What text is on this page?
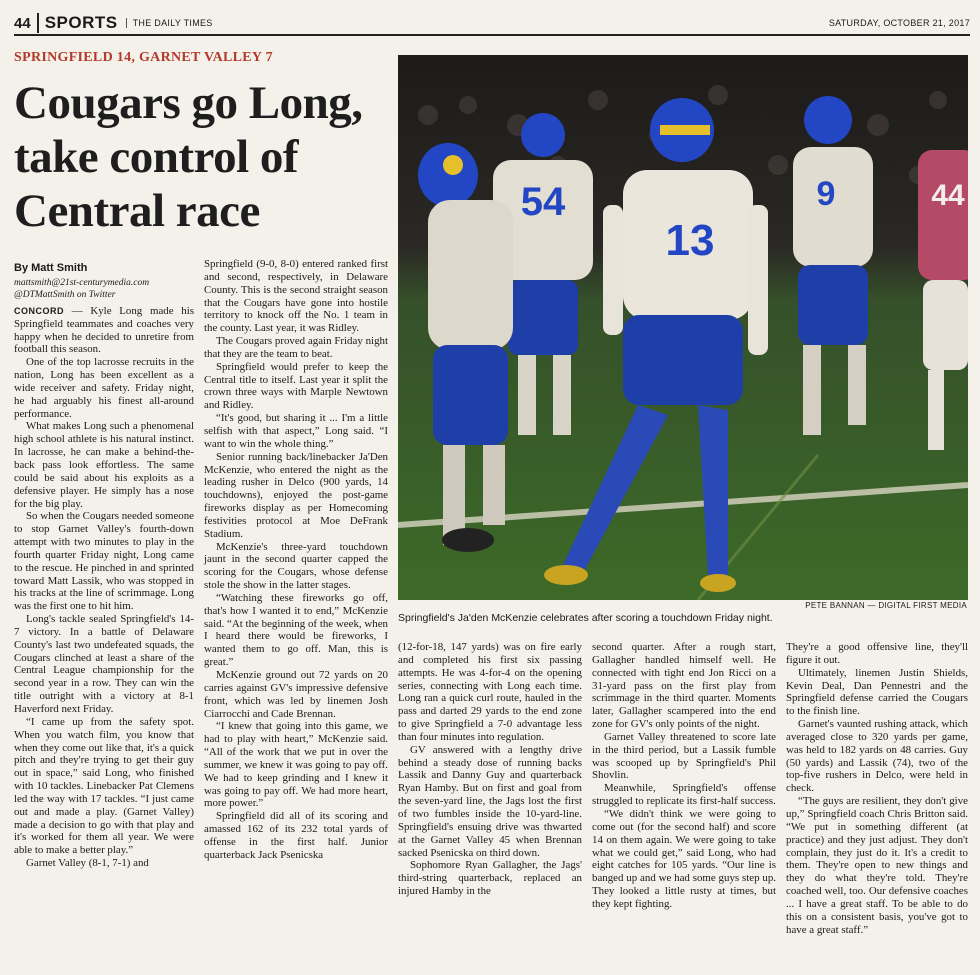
44 SPORTS	THE DAILY TIMES	SATURDAY, OCTOBER 21, 2017
SPRINGFIELD 14, GARNET VALLEY 7
Cougars go Long, take control of Central race	54
13
9	44
PETE BANNAN — DIGITAL FIRST MEDIA
Springfield's Ja'den McKenzie celebrates after scoring a touchdown Friday night.
By Matt Smith
mattsmith@21st-centurymedia.com
@DTMattSmith on Twitter

CONCORD — Kyle Long made his Springfield teammates and coaches very happy when he decided to unretire from football this season.

One of the top lacrosse recruits in the nation, Long has been excellent as a wide receiver and safety. Friday night, he had arguably his finest all-around performance.

What makes Long such a phenomenal high school athlete is his natural instinct. In lacrosse, he can make a behind-the-back pass look effortless. The same could be said about his exploits as a defensive player. He simply has a nose for the big play.

So when the Cougars needed someone to stop Garnet Valley's fourth-down attempt with two minutes to play in the fourth quarter Friday night, Long came to the rescue. He pinched in and sprinted toward Matt Lassik, who was stopped in his tracks at the line of scrimmage. Long was the first one to hit him.

Long's tackle sealed Springfield's 14-7 victory. In a battle of Delaware County's last two undefeated squads, the Cougars clinched at least a share of the Central League championship for the second year in a row. They can win the title outright with a victory at 8-1 Haverford next Friday.

“I came up from the safety spot. When you watch film, you know that when they come out like that, it's a quick pitch and they're trying to get their guy out in space,” said Long, who finished with 10 tackles. Linebacker Pat Clemens led the way with 17 tackles. “I just came out and made a play. (Garnet Valley) made a decision to go with that play and it's worked for them all year. We were able to make a better play.”

Garnet Valley (8-1, 7-1) and

Springfield (9-0, 8-0) entered ranked first and second, respectively, in Delaware County. This is the second straight season that the Cougars have gone into hostile territory to knock off the No. 1 team in the county. Last year, it was Ridley.

The Cougars proved again Friday night that they are the team to beat.

Springfield would prefer to keep the Central title to itself. Last year it split the crown three ways with Marple Newtown and Ridley.

“It's good, but sharing it ... I'm a little selfish with that aspect,” Long said. “I want to win the whole thing.”

Senior running back/linebacker Ja'Den McKenzie, who entered the night as the leading rusher in Delco (900 yards, 14 touchdowns), enjoyed the post-game fireworks display as per Homecoming festivities protocol at Moe DeFrank Stadium.

McKenzie's three-yard touchdown jaunt in the second quarter capped the scoring for the Cougars, whose defense stole the show in the latter stages.

“Watching these fireworks go off, that's how I wanted it to end,” McKenzie said. “At the beginning of the week, when I heard there would be fireworks, I wanted them to go off. Man, this is great.”

McKenzie ground out 72 yards on 20 carries against GV's impressive defensive front, which was led by linemen Josh Ciarrocchi and Cade Brennan.

“I knew that going into this game, we had to play with heart,” McKenzie said. “All of the work that we put in over the summer, we knew it was going to pay off. We had to keep grinding and I knew it was going to pay off. We had more heart, more power.”

Springfield did all of its scoring and amassed 162 of its 232 total yards of offense in the first half. Junior quarterback Jack Psenicska

(12-for-18, 147 yards) was on fire early and completed his first six passing attempts. He was 4-for-4 on the opening series, connecting with Long each time. Long ran a quick curl route, hauled in the pass and darted 29 yards to the end zone to give Springfield a 7-0 advantage less than four minutes into regulation.

GV answered with a lengthy drive behind a steady dose of running backs Lassik and Danny Guy and quarterback Ryan Hamby. But on first and goal from the seven-yard line, the Jags lost the first of two fumbles inside the 10-yard-line. Springfield's ensuing drive was thwarted at the Garnet Valley 45 when Brennan sacked Psenicska on third down.

Sophomore Ryan Gallagher, the Jags' third-string quarterback, replaced an injured Hamby in the

second quarter. After a rough start, Gallagher handled himself well. He connected with tight end Jon Ricci on a 31-yard pass on the first play from scrimmage in the third quarter. Moments later, Gallagher scampered into the end zone for GV's only points of the night.

Garnet Valley threatened to score late in the third period, but a Lassik fumble was scooped up by Springfield's Phil Shovlin.

Meanwhile, Springfield's offense struggled to replicate its first-half success.

“We didn't think we were going to come out (for the second half) and score 14 on them again. We were going to take what we could get,” said Long, who had eight catches for 105 yards. “Our line is banged up and we had some guys step up. They looked a little rusty at times, but they kept fighting.

They're a good offensive line, they'll figure it out.

Ultimately, linemen Justin Shields, Kevin Deal, Dan Pennestri and the Springfield defense carried the Cougars to the finish line.

Garnet's vaunted rushing attack, which averaged close to 320 yards per game, was held to 182 yards on 48 carries. Guy (50 yards) and Lassik (74), two of the top-five rushers in Delco, were held in check.

“The guys are resilient, they don't give up,” Springfield coach Chris Britton said. “We put in something different (at practice) and they just adjust. They don't complain, they just do it. It's a credit to them. They're open to new things and they do what they're told. They're coached well, too. Our defensive coaches ... I have a great staff. To be able to do this on a consistent basis, you've got to have a great staff.”
